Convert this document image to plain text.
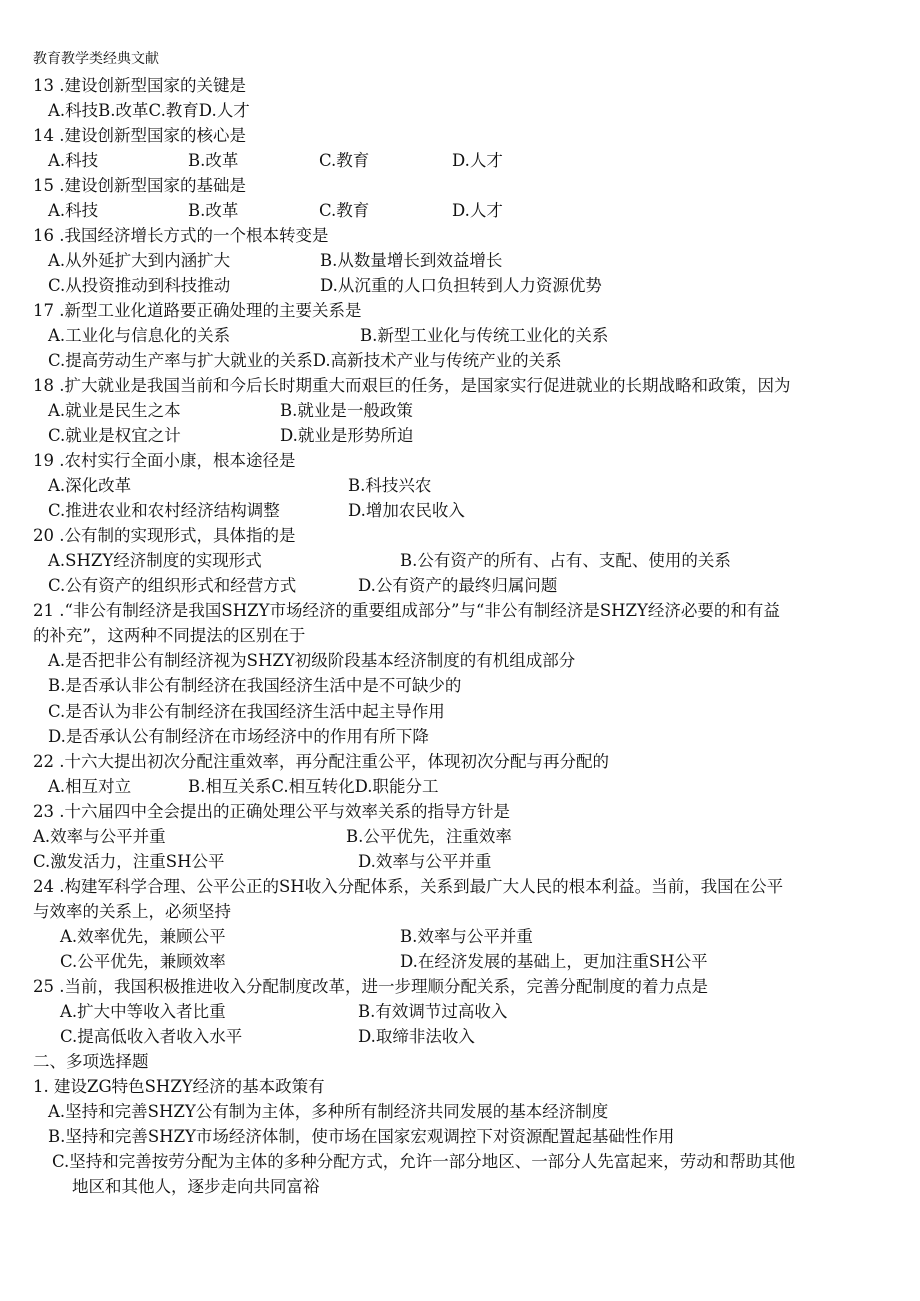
教育教学类经典文献
13 .建设创新型国家的关键是
A.科技B.改革C.教育D.人才
14 .建设创新型国家的核心是
A.科技	B.改革	C.教育	D.人才
15 .建设创新型国家的基础是
A.科技	B.改革	C.教育	D.人才
16 .我国经济增长方式的一个根本转变是
A.从外延扩大到内涵扩大	B.从数量增长到效益增长
C.从投资推动到科技推动	D.从沉重的人口负担转到人力资源优势
17 .新型工业化道路要正确处理的主要关系是
A.工业化与信息化的关系	B.新型工业化与传统工业化的关系
C.提高劳动生产率与扩大就业的关系D.高新技术产业与传统产业的关系
18 .扩大就业是我国当前和今后长时期重大而艰巨的任务，是国家实行促进就业的长期战略和政策，因为
A.就业是民生之本	B.就业是一般政策
C.就业是权宜之计	D.就业是形势所迫
19 .农村实行全面小康，根本途径是
A.深化改革	B.科技兴农
C.推进农业和农村经济结构调整	D.增加农民收入
20 .公有制的实现形式，具体指的是
A.SHZY经济制度的实现形式	B.公有资产的所有、占有、支配、使用的关系
C.公有资产的组织形式和经营方式	D.公有资产的最终归属问题
21 .“非公有制经济是我国SHZY市场经济的重要组成部分”与“非公有制经济是SHZY经济必要的和有益
的补充”，这两种不同提法的区别在于
A.是否把非公有制经济视为SHZY初级阶段基本经济制度的有机组成部分
B.是否承认非公有制经济在我国经济生活中是不可缺少的
C.是否认为非公有制经济在我国经济生活中起主导作用
D.是否承认公有制经济在市场经济中的作用有所下降
22 .十六大提出初次分配注重效率，再分配注重公平，体现初次分配与再分配的
A.相互对立	B.相互关系C.相互转化D.职能分工
23 .十六届四中全会提出的正确处理公平与效率关系的指导方针是
A.效率与公平并重	B.公平优先，注重效率
C.激发活力，注重SH公平	D.效率与公平并重
24 .构建军科学合理、公平公正的SH收入分配体系，关系到最广大人民的根本利益。当前，我国在公平
与效率的关系上，必须坚持
A.效率优先，兼顾公平	B.效率与公平并重
C.公平优先，兼顾效率	D.在经济发展的基础上，更加注重SH公平
25 .当前，我国积极推进收入分配制度改革，进一步理顺分配关系，完善分配制度的着力点是
A.扩大中等收入者比重	B.有效调节过高收入
C.提高低收入者收入水平	D.取缔非法收入
二、多项选择题
1. 建设ZG特色SHZY经济的基本政策有
A.坚持和完善SHZY公有制为主体，多种所有制经济共同发展的基本经济制度
B.坚持和完善SHZY市场经济体制，使市场在国家宏观调控下对资源配置起基础性作用
C.坚持和完善按劳分配为主体的多种分配方式，允许一部分地区、一部分人先富起来，劳动和帮助其他
地区和其他人，逐步走向共同富裕
